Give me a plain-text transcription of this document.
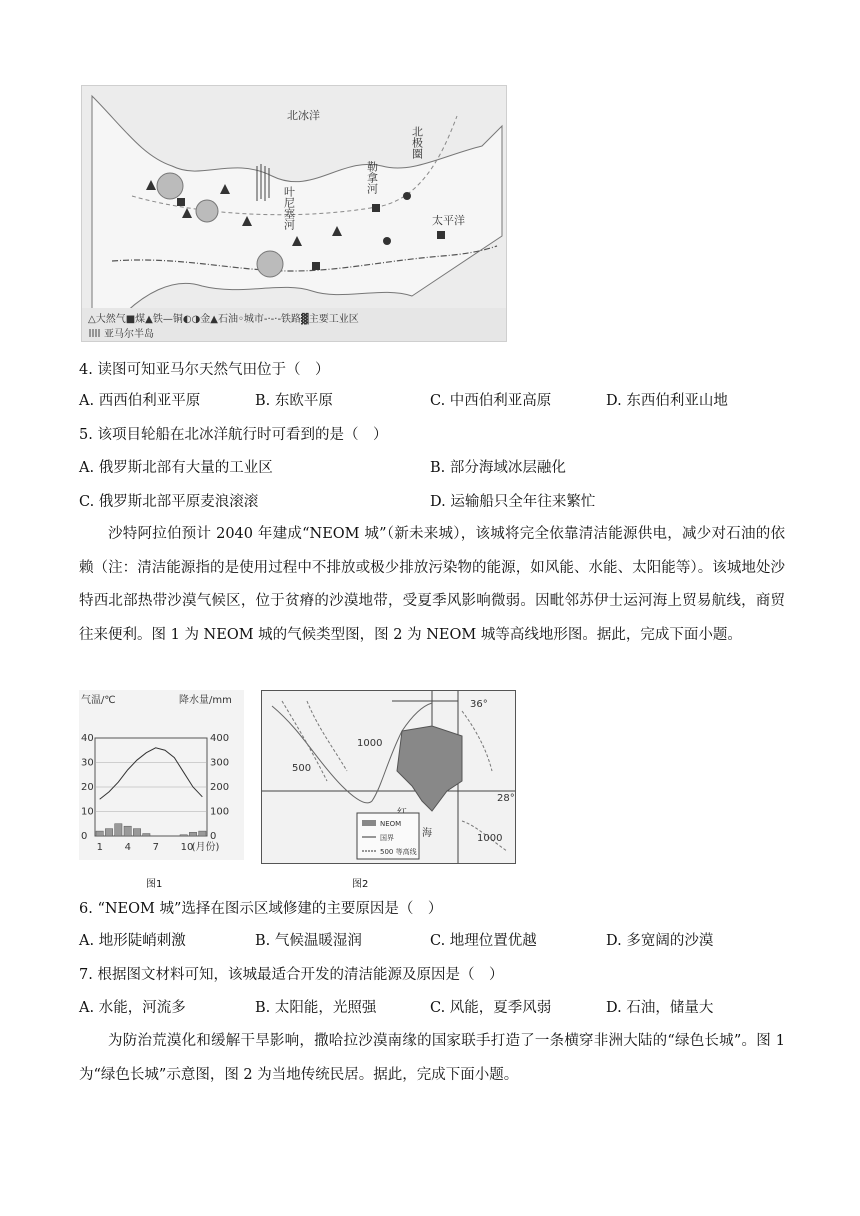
北冰洋
太平洋
叶尼塞河
勒拿河
北极圈
△大然气■煤▲铁—铜◐◑金▲石油◦城市-·-·-铁路▓主要工业区
亚马尔半岛
4. 读图可知亚马尔天然气田位于（　）
A. 西西伯利亚平原	B. 东欧平原	C. 中西伯利亚高原	D. 东西伯利亚山地
5. 该项目轮船在北冰洋航行时可看到的是（　）
A. 俄罗斯北部有大量的工业区	B. 部分海域冰层融化
C. 俄罗斯北部平原麦浪滚滚	D. 运输船只全年往来繁忙
沙特阿拉伯预计 2040 年建成“NEOM 城”（新未来城），该城将完全依靠清洁能源供电，减少对石油的依赖（注：清洁能源指的是使用过程中不排放或极少排放污染物的能源，如风能、水能、太阳能等）。该城地处沙特西北部热带沙漠气候区，位于贫瘠的沙漠地带，受夏季风影响微弱。因毗邻苏伊士运河海上贸易航线，商贸往来便利。图 1 为 NEOM 城的气候类型图，图 2 为 NEOM 城等高线地形图。据此，完成下面小题。
气温/℃	降水量/mm
40
30
20
10
0
400
300
200
100
0
1 4 7 10
(月份)
图1
36°
28°
海
1000
1000
500
NEOM
国界
500 等高线
图2
6. “NEOM 城”选择在图示区域修建的主要原因是（　）
A. 地形陡峭刺激	B. 气候温暖湿润	C. 地理位置优越	D. 多宽阔的沙漠
7. 根据图文材料可知，该城最适合开发的清洁能源及原因是（　）
A. 水能，河流多	B. 太阳能，光照强	C. 风能，夏季风弱	D. 石油，储量大
为防治荒漠化和缓解干旱影响，撒哈拉沙漠南缘的国家联手打造了一条横穿非洲大陆的“绿色长城”。图 1 为“绿色长城”示意图，图 2 为当地传统民居。据此，完成下面小题。
